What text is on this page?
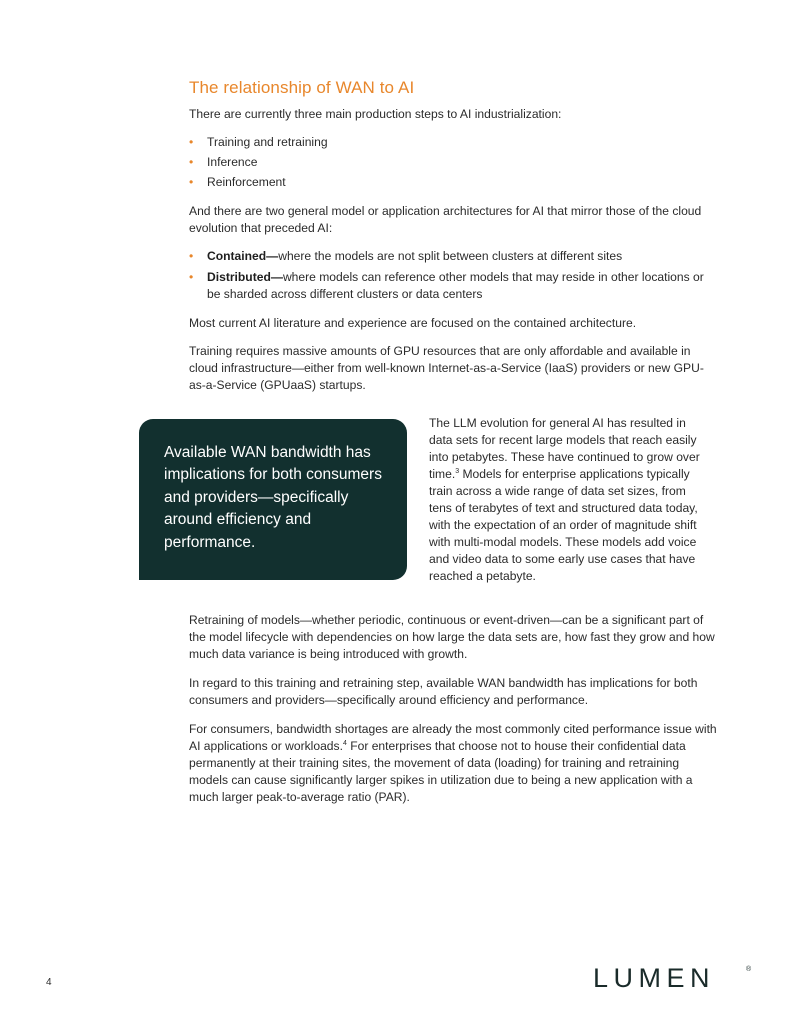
The relationship of WAN to AI

There are currently three main production steps to AI industrialization:

• Training and retraining
• Inference
• Reinforcement

And there are two general model or application architectures for AI that mirror those of the cloud evolution that preceded AI:

• Contained—where the models are not split between clusters at different sites
• Distributed—where models can reference other models that may reside in other locations or be sharded across different clusters or data centers

Most current AI literature and experience are focused on the contained architecture.

Training requires massive amounts of GPU resources that are only affordable and available in cloud infrastructure—either from well-known Internet-as-a-Service (IaaS) providers or new GPU-as-a-Service (GPUaaS) startups.

Available WAN bandwidth has implications for both consumers and providers—specifically around efficiency and performance.

The LLM evolution for general AI has resulted in data sets for recent large models that reach easily into petabytes. These have continued to grow over time.$^3$ Models for enterprise applications typically train across a wide range of data set sizes, from tens of terabytes of text and structured data today, with the expectation of an order of magnitude shift with multi-modal models. These models add voice and video data to some early use cases that have reached a petabyte.

Retraining of models—whether periodic, continuous or event-driven—can be a significant part of the model lifecycle with dependencies on how large the data sets are, how fast they grow and how much data variance is being introduced with growth.

In regard to this training and retraining step, available WAN bandwidth has implications for both consumers and providers—specifically around efficiency and performance.

For consumers, bandwidth shortages are already the most commonly cited performance issue with AI applications or workloads.$^4$ For enterprises that choose not to house their confidential data permanently at their training sites, the movement of data (loading) for training and retraining models can cause significantly larger spikes in utilization due to being a new application with a much larger peak-to-average ratio (PAR).

4	LUMEN	®
